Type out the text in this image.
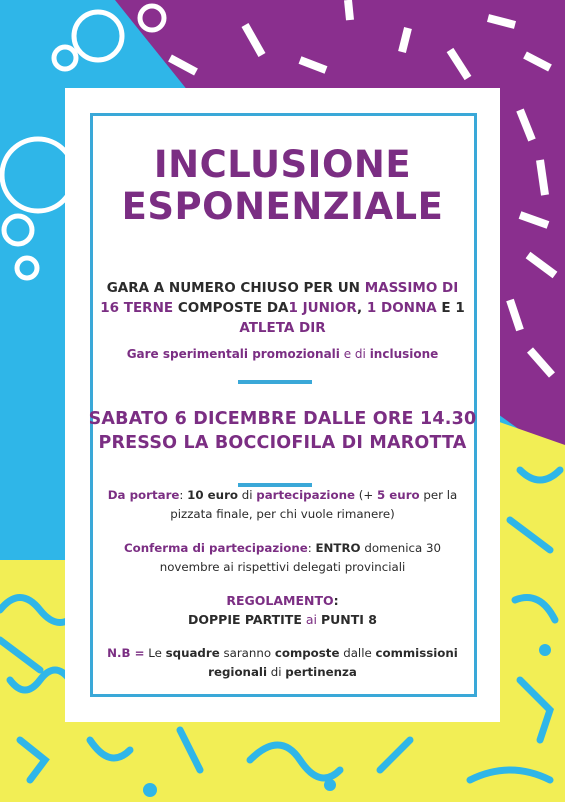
INCLUSIONE
ESPONENZIALE
GARA A NUMERO CHIUSO PER UN MASSIMO DI
16 TERNE COMPOSTE DA1 JUNIOR, 1 DONNA E 1
ATLETA DIR
Gare sperimentali promozionali e di inclusione
SABATO 6 DICEMBRE DALLE ORE 14.30
PRESSO LA BOCCIOFILA DI MAROTTA
Da portare: 10 euro di partecipazione (+ 5 euro per la
pizzata finale, per chi vuole rimanere)
Conferma di partecipazione: ENTRO domenica 30
novembre ai rispettivi delegati provinciali
REGOLAMENTO:
DOPPIE PARTITE ai PUNTI 8
N.B = Le squadre saranno composte dalle commissioni
regionali di pertinenza
